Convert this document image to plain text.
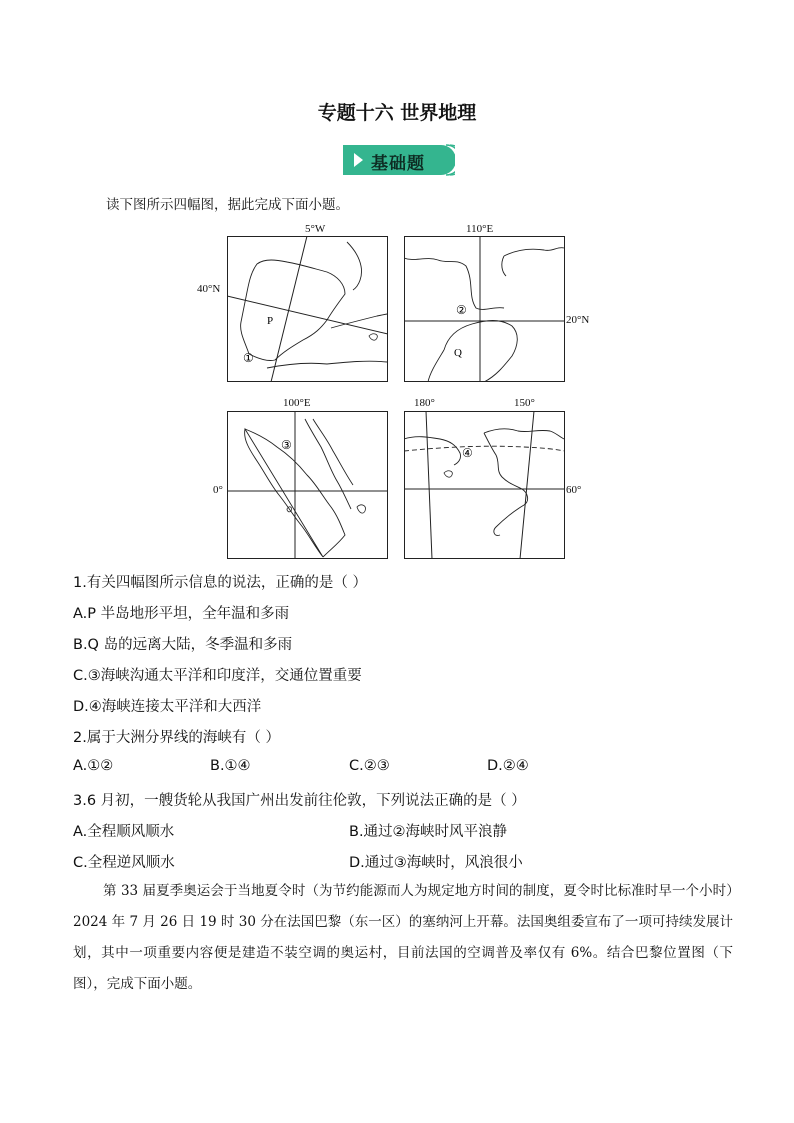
专题十六 世界地理
基础题
读下图所示四幅图，据此完成下面小题。
5°W
40°N
P
①
110°E
20°N
②
Q
100°E
0°
③
180°	150°
60°
④
1.有关四幅图所示信息的说法，正确的是（ ）
A.P 半岛地形平坦，全年温和多雨
B.Q 岛的远离大陆，冬季温和多雨
C.③海峡沟通太平洋和印度洋，交通位置重要
D.④海峡连接太平洋和大西洋
2.属于大洲分界线的海峡有（ ）
A.①②	B.①④	C.②③	D.②④
3.6 月初，一艘货轮从我国广州出发前往伦敦，下列说法正确的是（ ）
A.全程顺风顺水	B.通过②海峡时风平浪静
C.全程逆风顺水	D.通过③海峡时，风浪很小

第 33 届夏季奥运会于当地夏令时（为节约能源而人为规定地方时间的制度，夏令时比标准时早一个小时）2024 年 7 月 26 日 19 时 30 分在法国巴黎（东一区）的塞纳河上开幕。法国奥组委宣布了一项可持续发展计划，其中一项重要内容便是建造不装空调的奥运村，目前法国的空调普及率仅有 6%。结合巴黎位置图（下图），完成下面小题。
